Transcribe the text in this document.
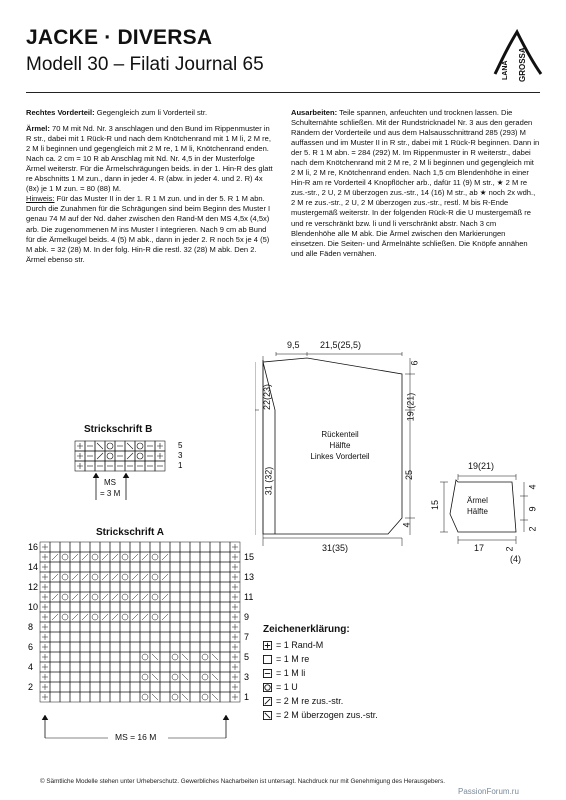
JACKE · DIVERSA
Modell 30 – Filati Journal 65	LANA GROSSA

Rechtes Vorderteil: Gegengleich zum li Vorderteil str.

Ärmel: 70 M mit Nd. Nr. 3 anschlagen und den Bund im Rippenmuster in R str., dabei mit 1 Rück-R und nach dem Knötchenrand mit 1 M li, 2 M re, 2 M li beginnen und gegengleich mit 2 M re, 1 M li, Knötchenrand enden. Nach ca. 2 cm = 10 R ab Anschlag mit Nd. Nr. 4,5 in der Musterfolge Ärmel weiterstr. Für die Ärmelschrägungen beids. in der 1. Hin-R des glatt re Abschnitts 1 M zun., dann in jeder 4. R (abw. in jeder 4. und 2. R) 4x (8x) je 1 M zun. = 80 (88) M.
Hinweis: Für das Muster II in der 1. R 1 M zun. und in der 5. R 1 M abn. Durch die Zunahmen für die Schrägungen sind beim Beginn des Muster I genau 74 M auf der Nd. daher zwischen den Rand-M den MS 4,5x (4,5x) arb. Die zugenommenen M ins Muster I integrieren. Nach 9 cm ab Bund für die Ärmelkugel beids. 4 (5) M abk., dann in jeder 2. R noch 5x je 4 (5) M abk. = 32 (28) M. In der folg. Hin-R die restl. 32 (28) M abk. Den 2. Ärmel ebenso str.

Ausarbeiten: Teile spannen, anfeuchten und trocknen lassen. Die Schulternähte schließen. Mit der Rundstricknadel Nr. 3 aus den geraden Rändern der Vorderteile und aus dem Halsausschnittrand 285 (293) M auffassen und im Muster II in R str., dabei mit 1 Rück-R beginnen. Dann in der 5. R 1 M abn. = 284 (292) M. Im Rippenmuster in R weiterstr., dabei nach dem Knötchenrand mit 2 M re, 2 M li beginnen und gegengleich mit 2 M li, 2 M re, Knötchenrand enden. Nach 1,5 cm Blendenhöhe in einer Hin-R am re Vorderteil 4 Knopflöcher arb., dafür 11 (9) M str., ★ 2 M re zus.-str., 2 U, 2 M überzogen zus.-str., 14 (16) M str., ab ★ noch 2x wdh., 2 M re zus.-str., 2 U, 2 M überzogen zus.-str., restl. M bis R-Ende mustergemäß weiterstr. In der folgenden Rück-R die U mustergemäß re und re verschränkt bzw. li und li verschränkt abstr. Nach 3 cm Blendenhöhe alle M abk. Die Ärmel zwischen den Markierungen einsetzen. Die Seiten- und Ärmelnähte schließen. Die Knöpfe annähen und alle Fäden vernähen.

Strickschrift B
5
3
1
MS
= 3 M
Strickschrift A
15
13
11
9
7
5
3
1
16
14
12
10
8
6
4
2
MS = 16 M
9,5 21,5(25,5)
6
22(23)	19 (21)
Rückenteil
Hälfte
Linkes Vorderteil
31 (32)	25
4
31(35)
19(21)
15
4
9
2
Ärmel
Hälfte
17 2
(4)
Zeichenerklärung:
= 1 Rand-M
= 1 M re
= 1 M li
= 1 U
= 2 M re zus.-str.
= 2 M überzogen zus.-str.
© Sämtliche Modelle stehen unter Urheberschutz. Gewerbliches Nacharbeiten ist untersagt. Nachdruck nur mit Genehmigung des Herausgebers.
PassionForum.ru
